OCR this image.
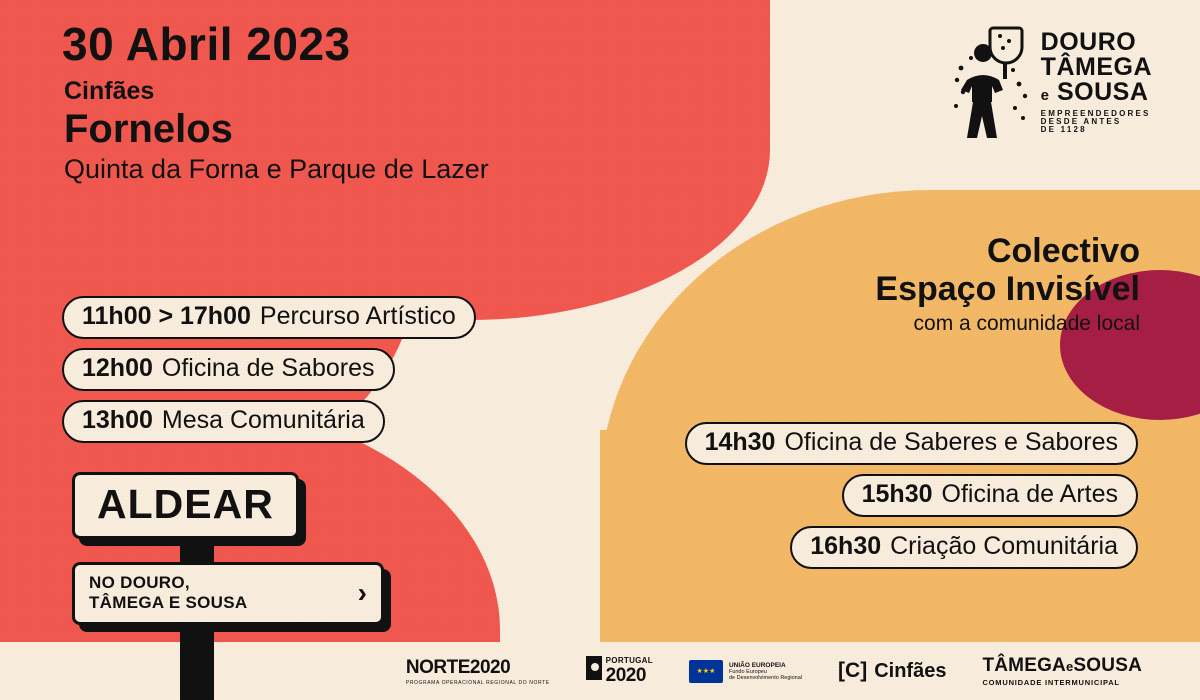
30 Abril 2023
Cinfães
Fornelos
Quinta da Forna e Parque de Lazer
DOURO
TÂMEGA
e SOUSA
EMPREENDEDORES
DESDE ANTES
DE 1128
Colectivo
Espaço Invisível
com a comunidade local
11h00 > 17h00 Percurso Artístico
12h00 Oficina de Sabores
13h00 Mesa Comunitária
14h30 Oficina de Saberes e Sabores
15h30 Oficina de Artes
16h30 Criação Comunitária
ALDEAR
NO DOURO,
TÂMEGA E SOUSA	›
NORTE2020
PROGRAMA OPERACIONAL REGIONAL DO NORTE
PORTUGAL
2020	★★★
UNIÃO EUROPEIA
Fundo Europeu
de Desenvolvimento Regional [C] Cinfães TÂMEGAeSOUSA
COMUNIDADE INTERMUNICIPAL
